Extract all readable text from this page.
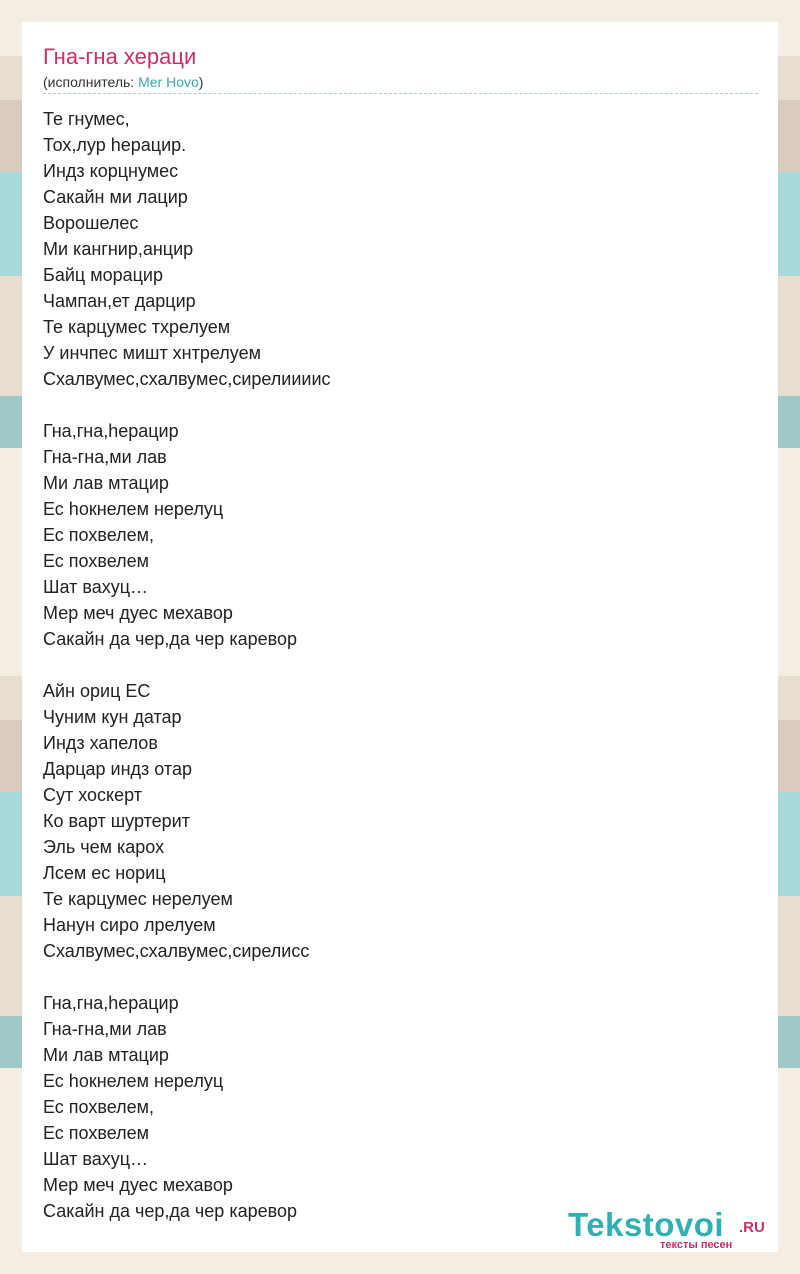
Гна-гна хераци
(исполнитель: Mer Hovo)
Те гнумес,
Тох,лур hерацир.
Индз корцнумес
Сакайн ми лацир
Ворошелес
Ми кангнир,анцир
Байц морацир
Чампан,ет дарцир
Те карцумес тхрелуем
У инчпес мишт хнтрелуем
Схалвумес,схалвумес,сирелиииис
Гна,гна,hерацир
Гна-гна,ми лав
Ми лав мтацир
Ес hокнелем нерелуц
Ес похвелем,
Ес похвелем
Шат вахуц…
Мер меч дуес мехавор
Сакайн да чер,да чер каревор
Айн ориц ЕС
Чуним кун датар
Индз хапелов
Дарцар индз отар
Сут хоскерт
Ко варт шуртерит
Эль чем карох
Лсем ес нориц
Те карцумес нерелуем
Нанун сиро лрелуем
Схалвумес,схалвумес,сирелисс
Гна,гна,hерацир
Гна-гна,ми лав
Ми лав мтацир
Ес hокнелем нерелуц
Ес похвелем,
Ес похвелем
Шат вахуц…
Мер меч дуес мехавор
Сакайн да чер,да чер каревор	Tekstovoi .RU
тексты песен
